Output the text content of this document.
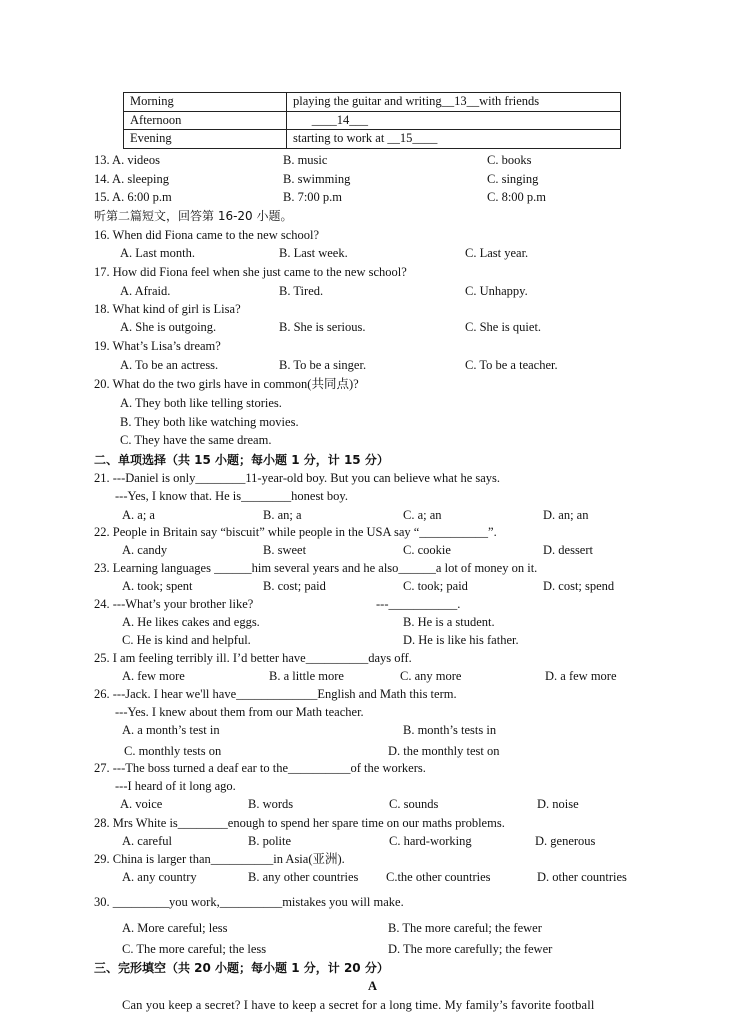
Morning	playing the guitar and writing__13__with friends
Afternoon	____14___
Evening	starting to work at __15____
13. A. videos	B. music	C. books
14. A. sleeping	B. swimming	C. singing
15. A. 6:00 p.m	B. 7:00 p.m	C. 8:00 p.m
听第二篇短文，回答第 16-20 小题。
16. When did Fiona came to the new school?
A. Last month.	B. Last week.	C. Last year.
17. How did Fiona feel when she just came to the new school?
A. Afraid.	B. Tired.	C. Unhappy.
18. What kind of girl is Lisa?
A. She is outgoing.	B. She is serious.	C. She is quiet.
19. What’s Lisa’s dream?
A. To be an actress.	B. To be a singer.	C. To be a teacher.
20. What do the two girls have in common(共同点)?
A. They both like telling stories.
B. They both like watching movies.
C. They have the same dream.
二、单项选择（共 15 小题；每小题 1 分，计 15 分）
21. ---Daniel is only________11-year-old boy. But you can believe what he says.
---Yes, I know that. He is________honest boy.
A. a; a	B. an; a	C. a; an	D. an; an
22. People in Britain say “biscuit” while people in the USA say “___________”.
A. candy	B. sweet	C. cookie	D. dessert
23. Learning languages ______him several years and he also______a lot of money on it.
A. took; spent	B. cost; paid	C. took; paid	D. cost; spend
24. ---What’s your brother like?	---___________.
A. He likes cakes and eggs.	B. He is a student.
C. He is kind and helpful.	D. He is like his father.
25. I am feeling terribly ill. I’d better have__________days off.
A. few more	B. a little more	C. any more	D. a few more
26. ---Jack. I hear we'll have_____________English and Math this term.
---Yes. I knew about them from our Math teacher.
A. a month’s test in	B. month’s tests in
C. monthly tests on	D. the monthly test on
27. ---The boss turned a deaf ear to the__________of the workers.
---I heard of it long ago.
A. voice	B. words	C. sounds	D. noise
28. Mrs White is________enough to spend her spare time on our maths problems.
A. careful	B. polite	C. hard-working	D. generous
29. China is larger than__________in Asia(亚洲).
A. any country	B. any other countries C.the other countries	D. other countries
30. _________you work,__________mistakes you will make.
A. More careful; less	B. The more careful; the fewer
C. The more careful; the less	D. The more carefully; the fewer
三、完形填空（共 20 小题；每小题 1 分，计 20 分）
A
Can you keep a secret? I have to keep a secret for a long time. My family’s favorite football
